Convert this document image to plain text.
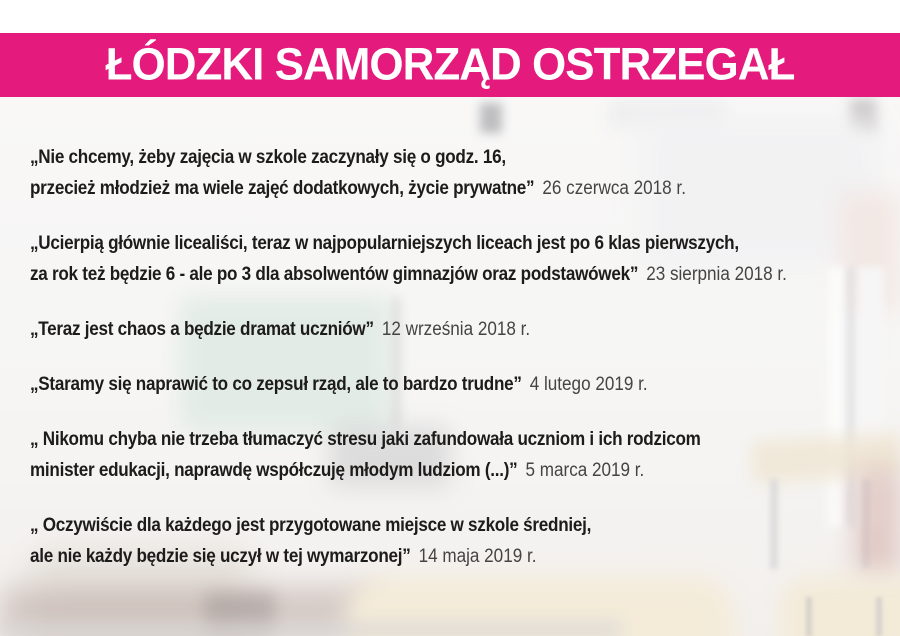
ŁÓDZKI SAMORZĄD OSTRZEGAŁ

„Nie chcemy, żeby zajęcia w szkole zaczynały się o godz. 16,
przecież młodzież ma wiele zajęć dodatkowych, życie prywatne” 26 czerwca 2018 r.

„Ucierpią głównie licealiści, teraz w najpopularniejszych liceach jest po 6 klas pierwszych,
za rok też będzie 6 - ale po 3 dla absolwentów gimnazjów oraz podstawówek” 23 sierpnia 2018 r.

„Teraz jest chaos a będzie dramat uczniów” 12 września 2018 r.

„Staramy się naprawić to co zepsuł rząd, ale to bardzo trudne” 4 lutego 2019 r.

„ Nikomu chyba nie trzeba tłumaczyć stresu jaki zafundowała uczniom i ich rodzicom
minister edukacji, naprawdę współczuję młodym ludziom (...)” 5 marca 2019 r.

„ Oczywiście dla każdego jest przygotowane miejsce w szkole średniej,
ale nie każdy będzie się uczył w tej wymarzonej” 14 maja 2019 r.
